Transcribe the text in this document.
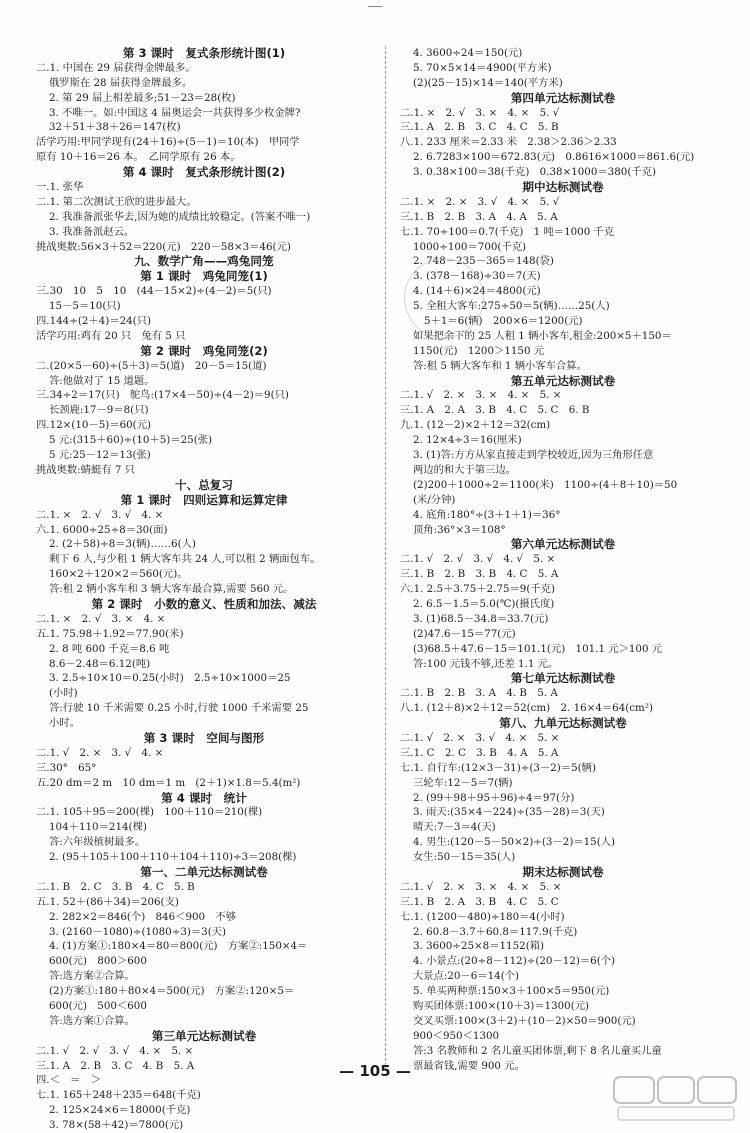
第 3 课时　复式条形统计图(1)
二.1. 中国在 29 届获得金牌最多。
俄罗斯在 28 届获得金牌最多。
2. 第 29 届上相差最多;51－23＝28(枚)
3. 不唯一。如:中国这 4 届奥运会一共获得多少枚金牌?
32＋51＋38＋26＝147(枚)
活学巧用:甲同学现有(24＋16)÷(5－1)＝10(本)　甲同学
原有 10＋16＝26 本。　乙同学原有 26 本。
第 4 课时　复式条形统计图(2)
一.1. 张华
二.1. 第二次测试王欣的进步最大。
2. 我准备派张华去,因为她的成绩比较稳定。(答案不唯一)
3. 我准备派赵云。
挑战奥数:56×3＋52＝220(元)　220－58×3＝46(元)
九、数学广角——鸡兔同笼
第 1 课时　鸡兔同笼(1)
三.30　10　5　10　(44－15×2)÷(4－2)＝5(只)
15－5＝10(只)
四.144÷(2＋4)＝24(只)
活学巧用:鸡有 20 只　兔有 5 只
第 2 课时　鸡兔同笼(2)
二.(20×5－60)÷(5＋3)＝5(道)　20－5＝15(道)
答:他做对了 15 道题。
三.34÷2＝17(只)　鸵鸟:(17×4－50)÷(4－2)＝9(只)
长颈鹿:17－9＝8(只)
四.12×(10－5)＝60(元)
5 元:(315＋60)÷(10＋5)＝25(张)
5 元:25－12＝13(张)
挑战奥数:蜻蜓有 7 只
十、总复习
第 1 课时　四则运算和运算定律
二.1. ×　2. √　3. √　4. ×
六.1. 6000÷25÷8＝30(面)
2. (2＋58)÷8＝3(辆)……6(人)
剩下 6 人,与少租 1 辆大客车共 24 人,可以租 2 辆面包车。
160×2＋120×2＝560(元)。
答:租 2 辆小客车和 3 辆大客车最合算,需要 560 元。
第 2 课时　小数的意义、性质和加法、减法
二.1. ×　2. √　3. ×　4. ×
五.1. 75.98＋1.92＝77.90(米)
2. 8 吨 600 千克＝8.6 吨
8.6－2.48＝6.12(吨)
3. 2.5÷10×10＝0.25(小时)　2.5÷10×1000＝25
(小时)
答:行驶 10 千米需要 0.25 小时,行驶 1000 千米需要 25
小时。
第 3 课时　空间与图形
二.1. √　2. ×　3. √　4. ×
三.30°　65°
五.20 dm＝2 m　10 dm＝1 m　(2＋1)×1.8＝5.4(m²)
第 4 课时　统计
二.1. 105＋95＝200(棵)　100＋110＝210(棵)
104＋110＝214(棵)
答:六年级植树最多。
2. (95＋105＋100＋110＋104＋110)÷3＝208(棵)
第一、二单元达标测试卷
二.1. B　2. C　3. B　4. C　5. B
五.1. 52＋(86＋34)＝206(支)
2. 282×2＝846(个)　846＜900　不够
3. (2160－1080)÷(1080÷3)＝3(天)
4. (1)方案①:180×4＝80＝800(元)　方案②:150×4＝
600(元)　800＞600
答:选方案②合算。
(2)方案①:180＋80×4＝500(元)　方案②:120×5＝
600(元)　500＜600
答:选方案①合算。
第三单元达标测试卷
二.1. √　2. √　3. √　4. ×　5. ×
三.1. A　2. B　3. C　4. B　5. A
四.＜　＝　＞
七.1. 165＋248＋235＝648(千克)
2. 125×24×6＝18000(千克)
3. 78×(58＋42)＝7800(元)
4. 3600÷24＝150(元)
5. 70×5×14＝4900(平方米)
(2)(25－15)×14＝140(平方米)
第四单元达标测试卷
二.1. ×　2. √　3. ×　4. ×　5. √
三.1. A　2. B　3. C　4. C　5. B
八.1. 233 厘米＝2.33 米　2.38＞2.36＞2.33
2. 6.7283×100＝672.83(元)　0.8616×1000＝861.6(元)
3. 0.38×100＝38(千克)　0.38×1000＝380(千克)
期中达标测试卷
二.1. ×　2. ×　3. √　4. ×　5. √
三.1. B　2. B　3. A　4. A　5. A
七.1. 70÷100＝0.7(千克)　1 吨＝1000 千克
1000÷100＝700(千克)
2. 748－235－365＝148(袋)
3. (378－168)÷30＝7(天)
4. (14＋6)×24＝4800(元)
5. 全租大客车:275÷50＝5(辆)……25(人)
5＋1＝6(辆)　200×6＝1200(元)
如果把余下的 25 人租 1 辆小客车,租金:200×5＋150＝
1150(元)　1200＞1150 元
答:租 5 辆大客车和 1 辆小客车合算。
第五单元达标测试卷
二.1. √　2. ×　3. ×　4. ×　5. ×
三.1. A　2. A　3. B　4. C　5. C　6. B
九.1. (12－2)×2＋12＝32(cm)
2. 12×4÷3＝16(厘米)
3. (1)答:方方从家直接走到学校较近,因为三角形任意
两边的和大于第三边。
(2)200＋1000÷2＝1100(米)　1100÷(4＋8＋10)＝50
(米/分钟)
4. 底角:180°÷(3＋1＋1)＝36°
顶角:36°×3＝108°
第六单元达标测试卷
二.1. √　2. √　3. √　4. √　5. ×
三.1. B　2. B　3. B　4. C　5. A
六.1. 2.5＋3.75＋2.75＝9(千克)
2. 6.5－1.5＝5.0(℃)(摄氏度)
3. (1)68.5－34.8＝33.7(元)
(2)47.6－15＝77(元)
(3)68.5＋47.6－15＝101.1(元)　101.1 元＞100 元
答:100 元钱不够,还差 1.1 元。
第七单元达标测试卷
二.1. B　2. B　3. A　4. B　5. A
八.1. (12＋8)×2＋12＝52(cm)　2. 16×4＝64(cm²)
第八、九单元达标测试卷
二.1. √　2. ×　3. √　4. ×　5. ×
三.1. C　2. C　3. B　4. A　5. A
七.1. 自行车:(12×3－31)÷(3－2)＝5(辆)
三轮车:12－5＝7(辆)
2. (99＋98＋95＋96)÷4＝97(分)
3. 雨天:(35×4－224)÷(35－28)＝3(天)
晴天:7－3＝4(天)
4. 男生:(120－5－50×2)÷(3－2)＝15(人)
女生:50－15＝35(人)
期末达标测试卷
二.1. √　2. ×　3. ×　4. ×　5. ×
三.1. B　2. A　3. B　4. C　5. C
七.1. (1200－480)÷180＝4(小时)
2. 60.8－3.7＋60.8＝117.9(千克)
3. 3600÷25×8＝1152(箱)
4. 小景点:(20÷8－112)÷(20－12)＝6(个)
大景点:20－6＝14(个)
5. 单买两种票:150×3＋100×5＝950(元)
购买团体票:100×(10＋3)＝1300(元)
交叉买票:100×(3＋2)＋(10－2)×50＝900(元)
900＜950＜1300
答:3 名教师和 2 名儿童买团体票,剩下 8 名儿童买儿童
票最省钱,需要 900 元。
— 105 —
